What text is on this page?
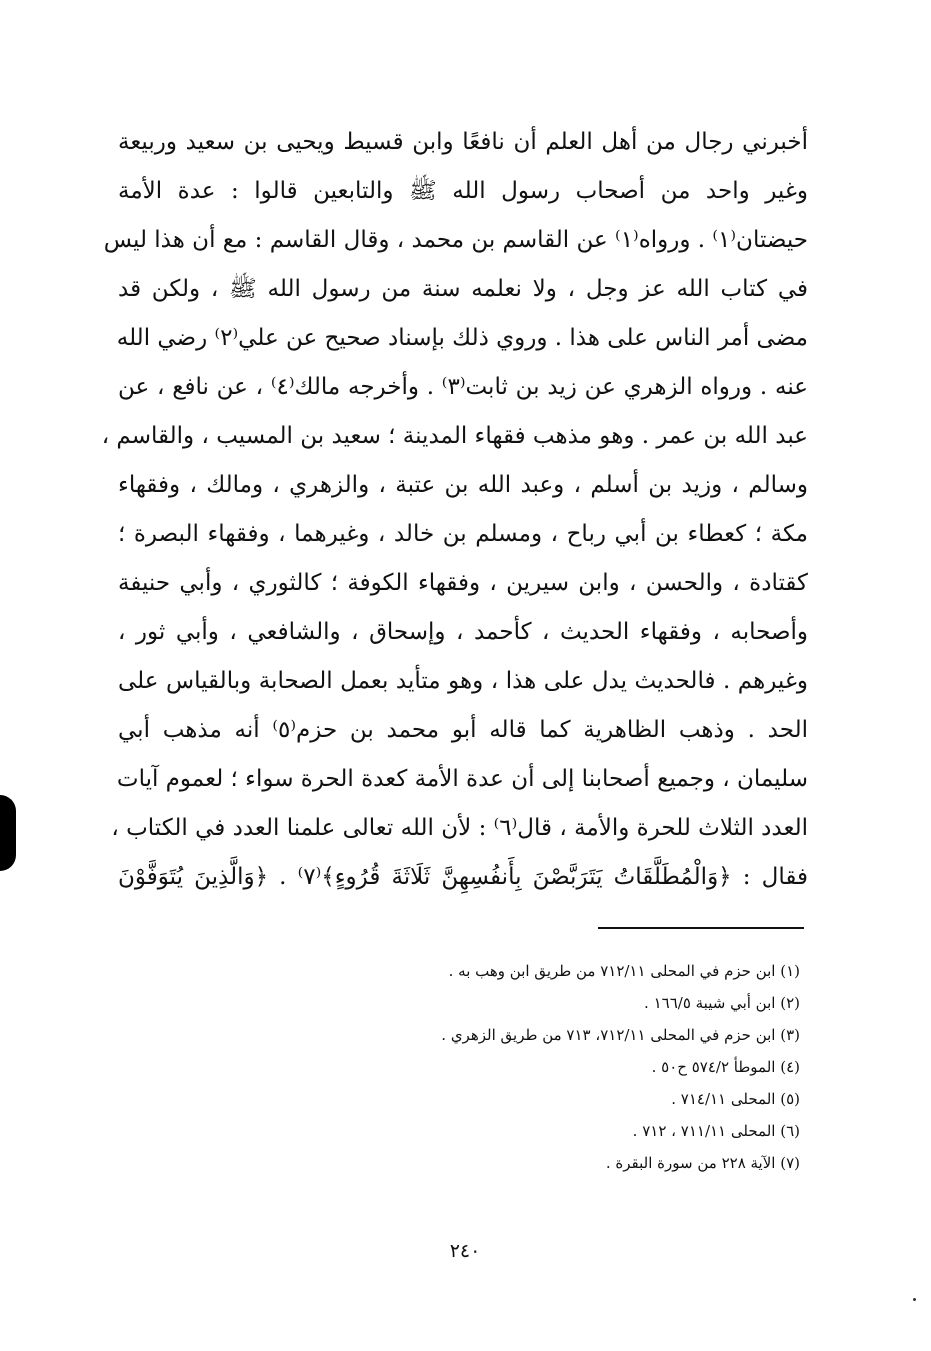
أخبرني رجال من أهل العلم أن نافعًا وابن قسيط ويحيى بن سعيد وربيعة
وغير واحد من أصحاب رسول الله ﷺ والتابعين قالوا : عدة الأمة
حيضتان⁽١⁾ . ورواه⁽١⁾ عن القاسم بن محمد ، وقال القاسم : مع أن هذا ليس
في كتاب الله عز وجل ، ولا نعلمه سنة من رسول الله ﷺ ، ولكن قد
مضى أمر الناس على هذا . وروي ذلك بإسناد صحيح عن علي⁽٢⁾ رضي الله
عنه . ورواه الزهري عن زيد بن ثابت⁽٣⁾ . وأخرجه مالك⁽٤⁾ ، عن نافع ، عن
عبد الله بن عمر . وهو مذهب فقهاء المدينة ؛ سعيد بن المسيب ، والقاسم ،
وسالم ، وزيد بن أسلم ، وعبد الله بن عتبة ، والزهري ، ومالك ، وفقهاء
مكة ؛ كعطاء بن أبي رباح ، ومسلم بن خالد ، وغيرهما ، وفقهاء البصرة ؛
كقتادة ، والحسن ، وابن سيرين ، وفقهاء الكوفة ؛ كالثوري ، وأبي حنيفة
وأصحابه ، وفقهاء الحديث ، كأحمد ، وإسحاق ، والشافعي ، وأبي ثور ،
وغيرهم . فالحديث يدل على هذا ، وهو متأيد بعمل الصحابة وبالقياس على
الحد . وذهب الظاهرية كما قاله أبو محمد بن حزم⁽٥⁾ أنه مذهب أبي
سليمان ، وجميع أصحابنا إلى أن عدة الأمة كعدة الحرة سواء ؛ لعموم آيات
العدد الثلاث للحرة والأمة ، قال⁽٦⁾ : لأن الله تعالى علمنا العدد في الكتاب ،
فقال : ﴿وَالْمُطَلَّقَاتُ يَتَرَبَّصْنَ بِأَنفُسِهِنَّ ثَلَاثَةَ قُرُوءٍ﴾⁽٧⁾ . ﴿وَالَّذِينَ يُتَوَفَّوْنَ
(١) ابن حزم في المحلى ٧١٢/١١ من طريق ابن وهب به .
(٢) ابن أبي شيبة ١٦٦/٥ .
(٣) ابن حزم في المحلى ٧١٢/١١، ٧١٣ من طريق الزهري .
(٤) الموطأ ٥٧٤/٢ ح٥٠ .
(٥) المحلى ٧١٤/١١ .
(٦) المحلى ٧١١/١١ ، ٧١٢ .
(٧) الآية ٢٢٨ من سورة البقرة .
٢٤٠
